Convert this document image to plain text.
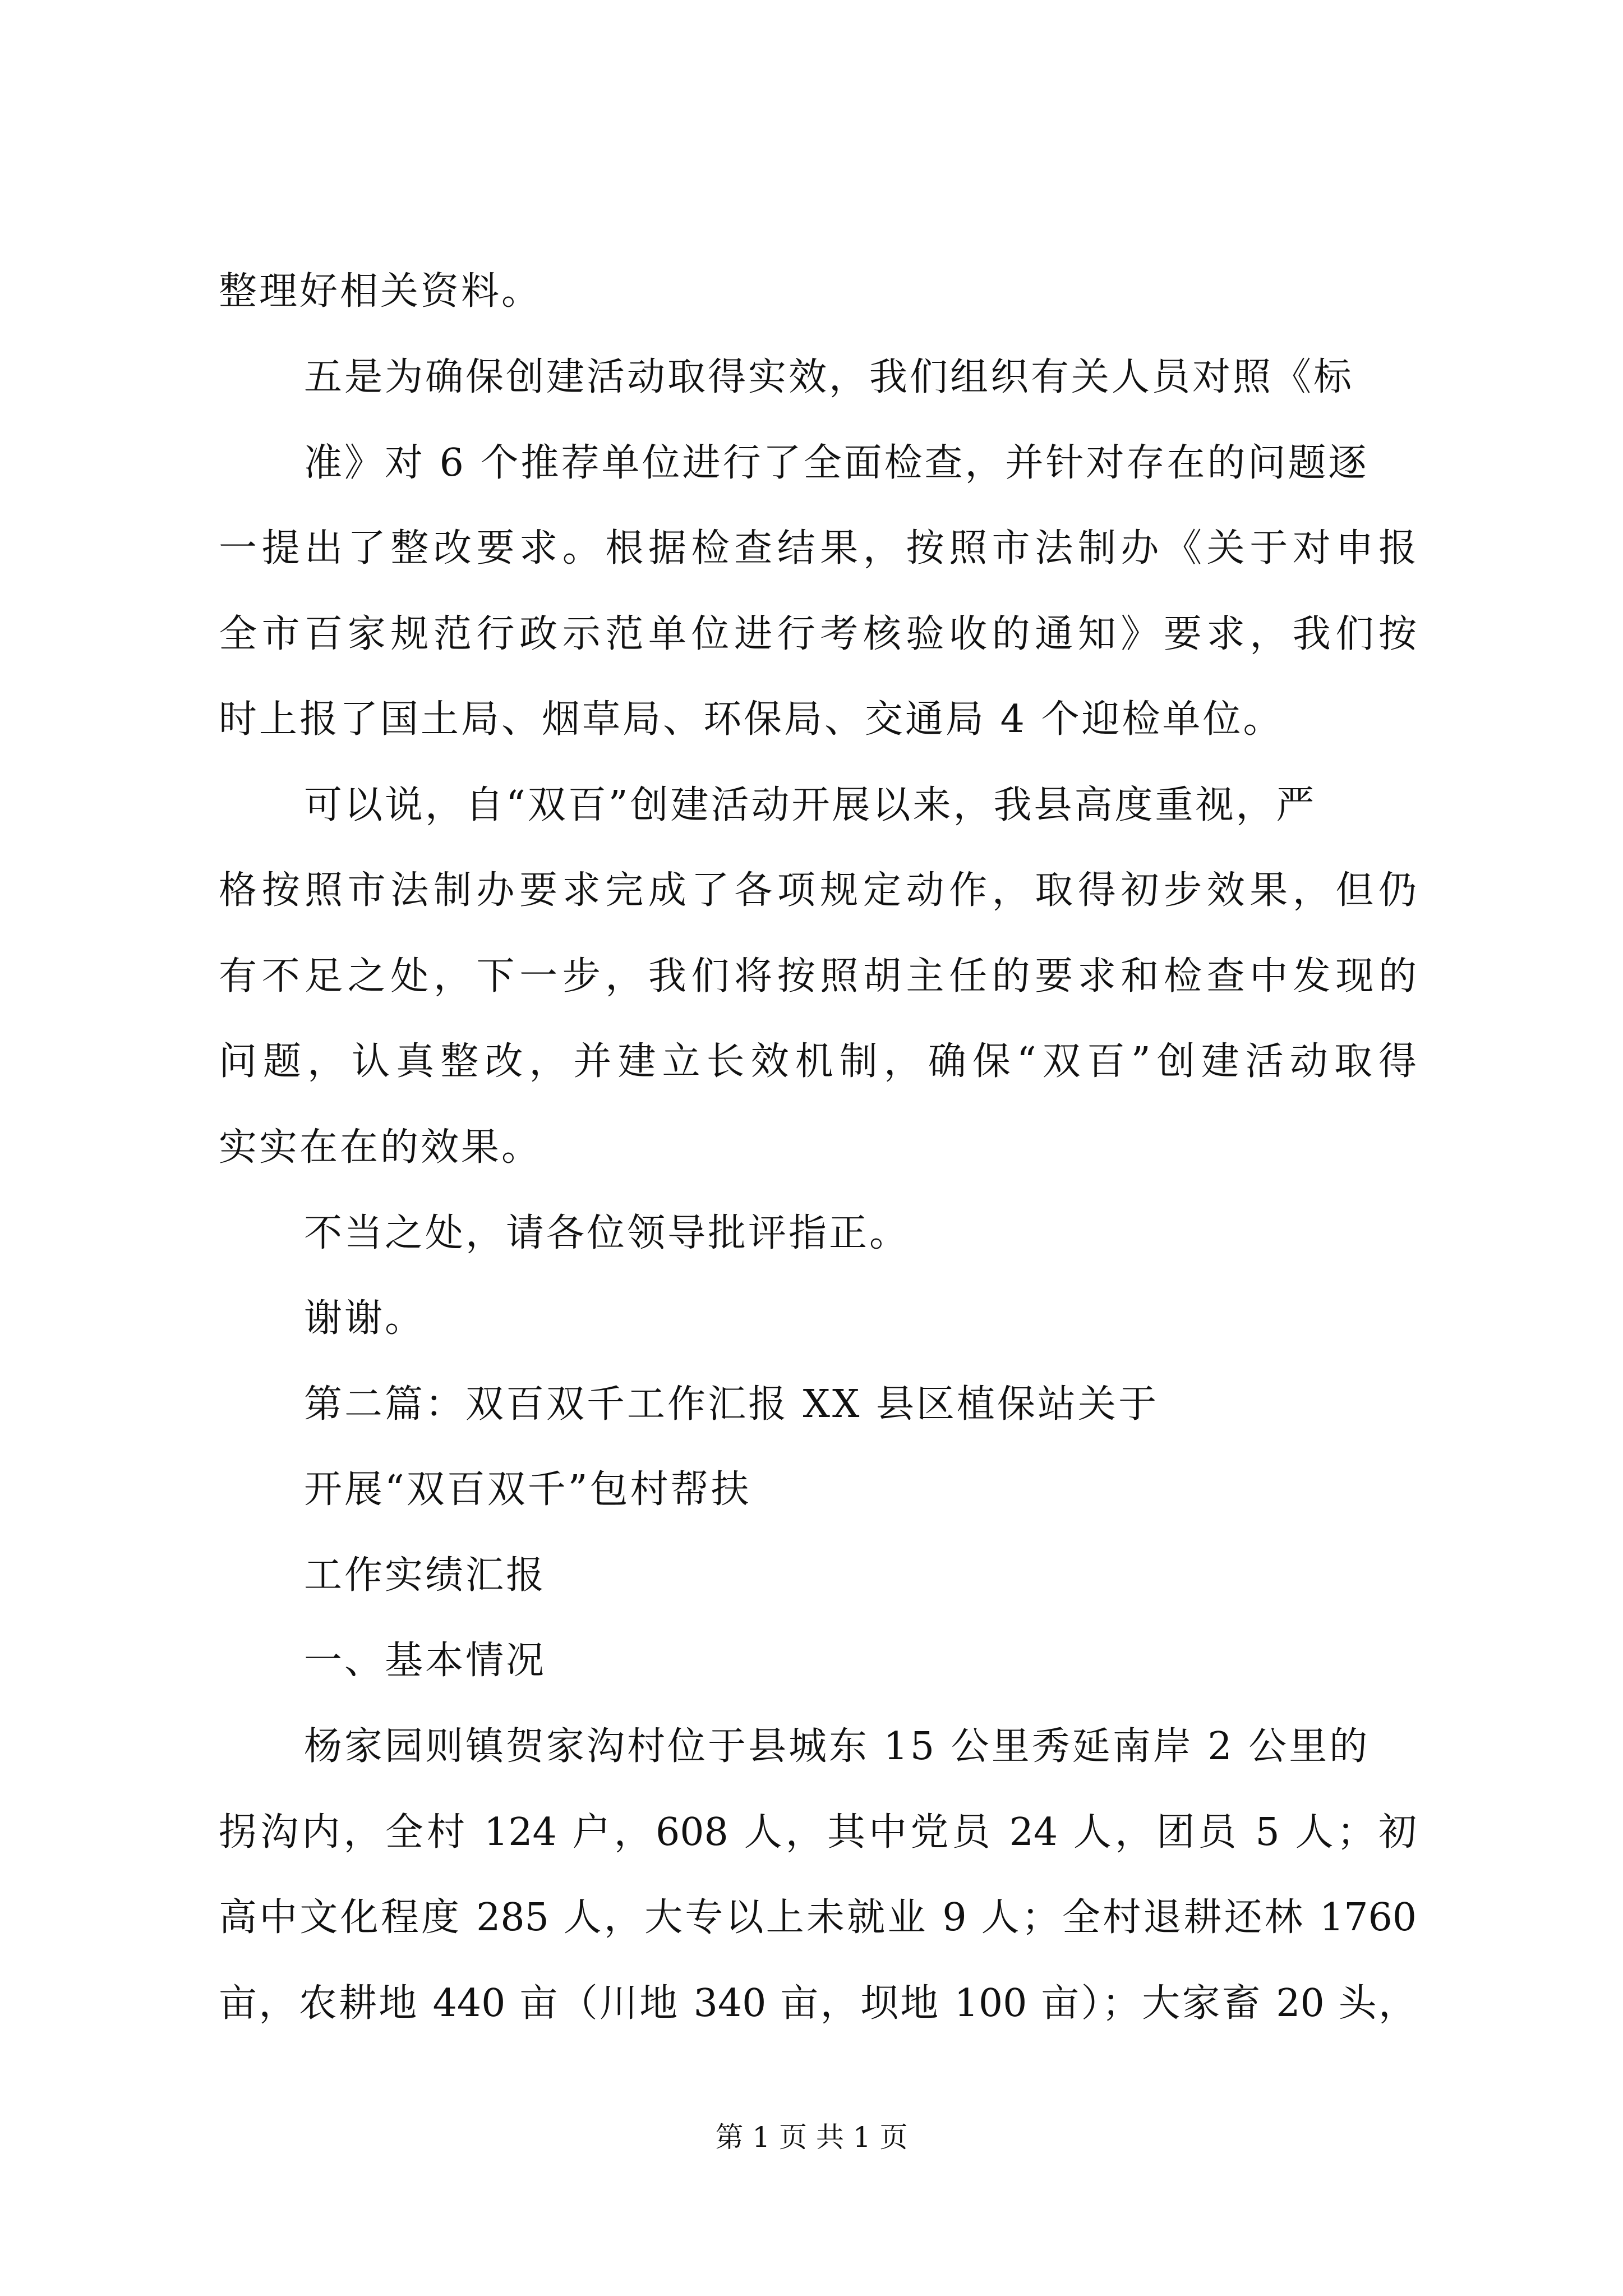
整理好相关资料。
五是为确保创建活动取得实效，我们组织有关人员对照《标
准》对 6 个推荐单位进行了全面检查，并针对存在的问题逐
一提出了整改要求。根据检查结果，按照市法制办《关于对申报
全市百家规范行政示范单位进行考核验收的通知》要求，我们按
时上报了国土局、烟草局、环保局、交通局 4 个迎检单位。
可以说，自“双百”创建活动开展以来，我县高度重视，严
格按照市法制办要求完成了各项规定动作，取得初步效果，但仍
有不足之处，下一步，我们将按照胡主任的要求和检查中发现的
问题，认真整改，并建立长效机制，确保“双百”创建活动取得
实实在在的效果。
不当之处，请各位领导批评指正。
谢谢。
第二篇：双百双千工作汇报 XX 县区植保站关于
开展“双百双千”包村帮扶
工作实绩汇报
一、基本情况
杨家园则镇贺家沟村位于县城东 15 公里秀延南岸 2 公里的
拐沟内，全村 124 户，608 人，其中党员 24 人，团员 5 人；初
高中文化程度 285 人，大专以上未就业 9 人；全村退耕还林 1760
亩，农耕地 440 亩（川地 340 亩，坝地 100 亩）；大家畜 20 头，
第 1 页 共 1 页
